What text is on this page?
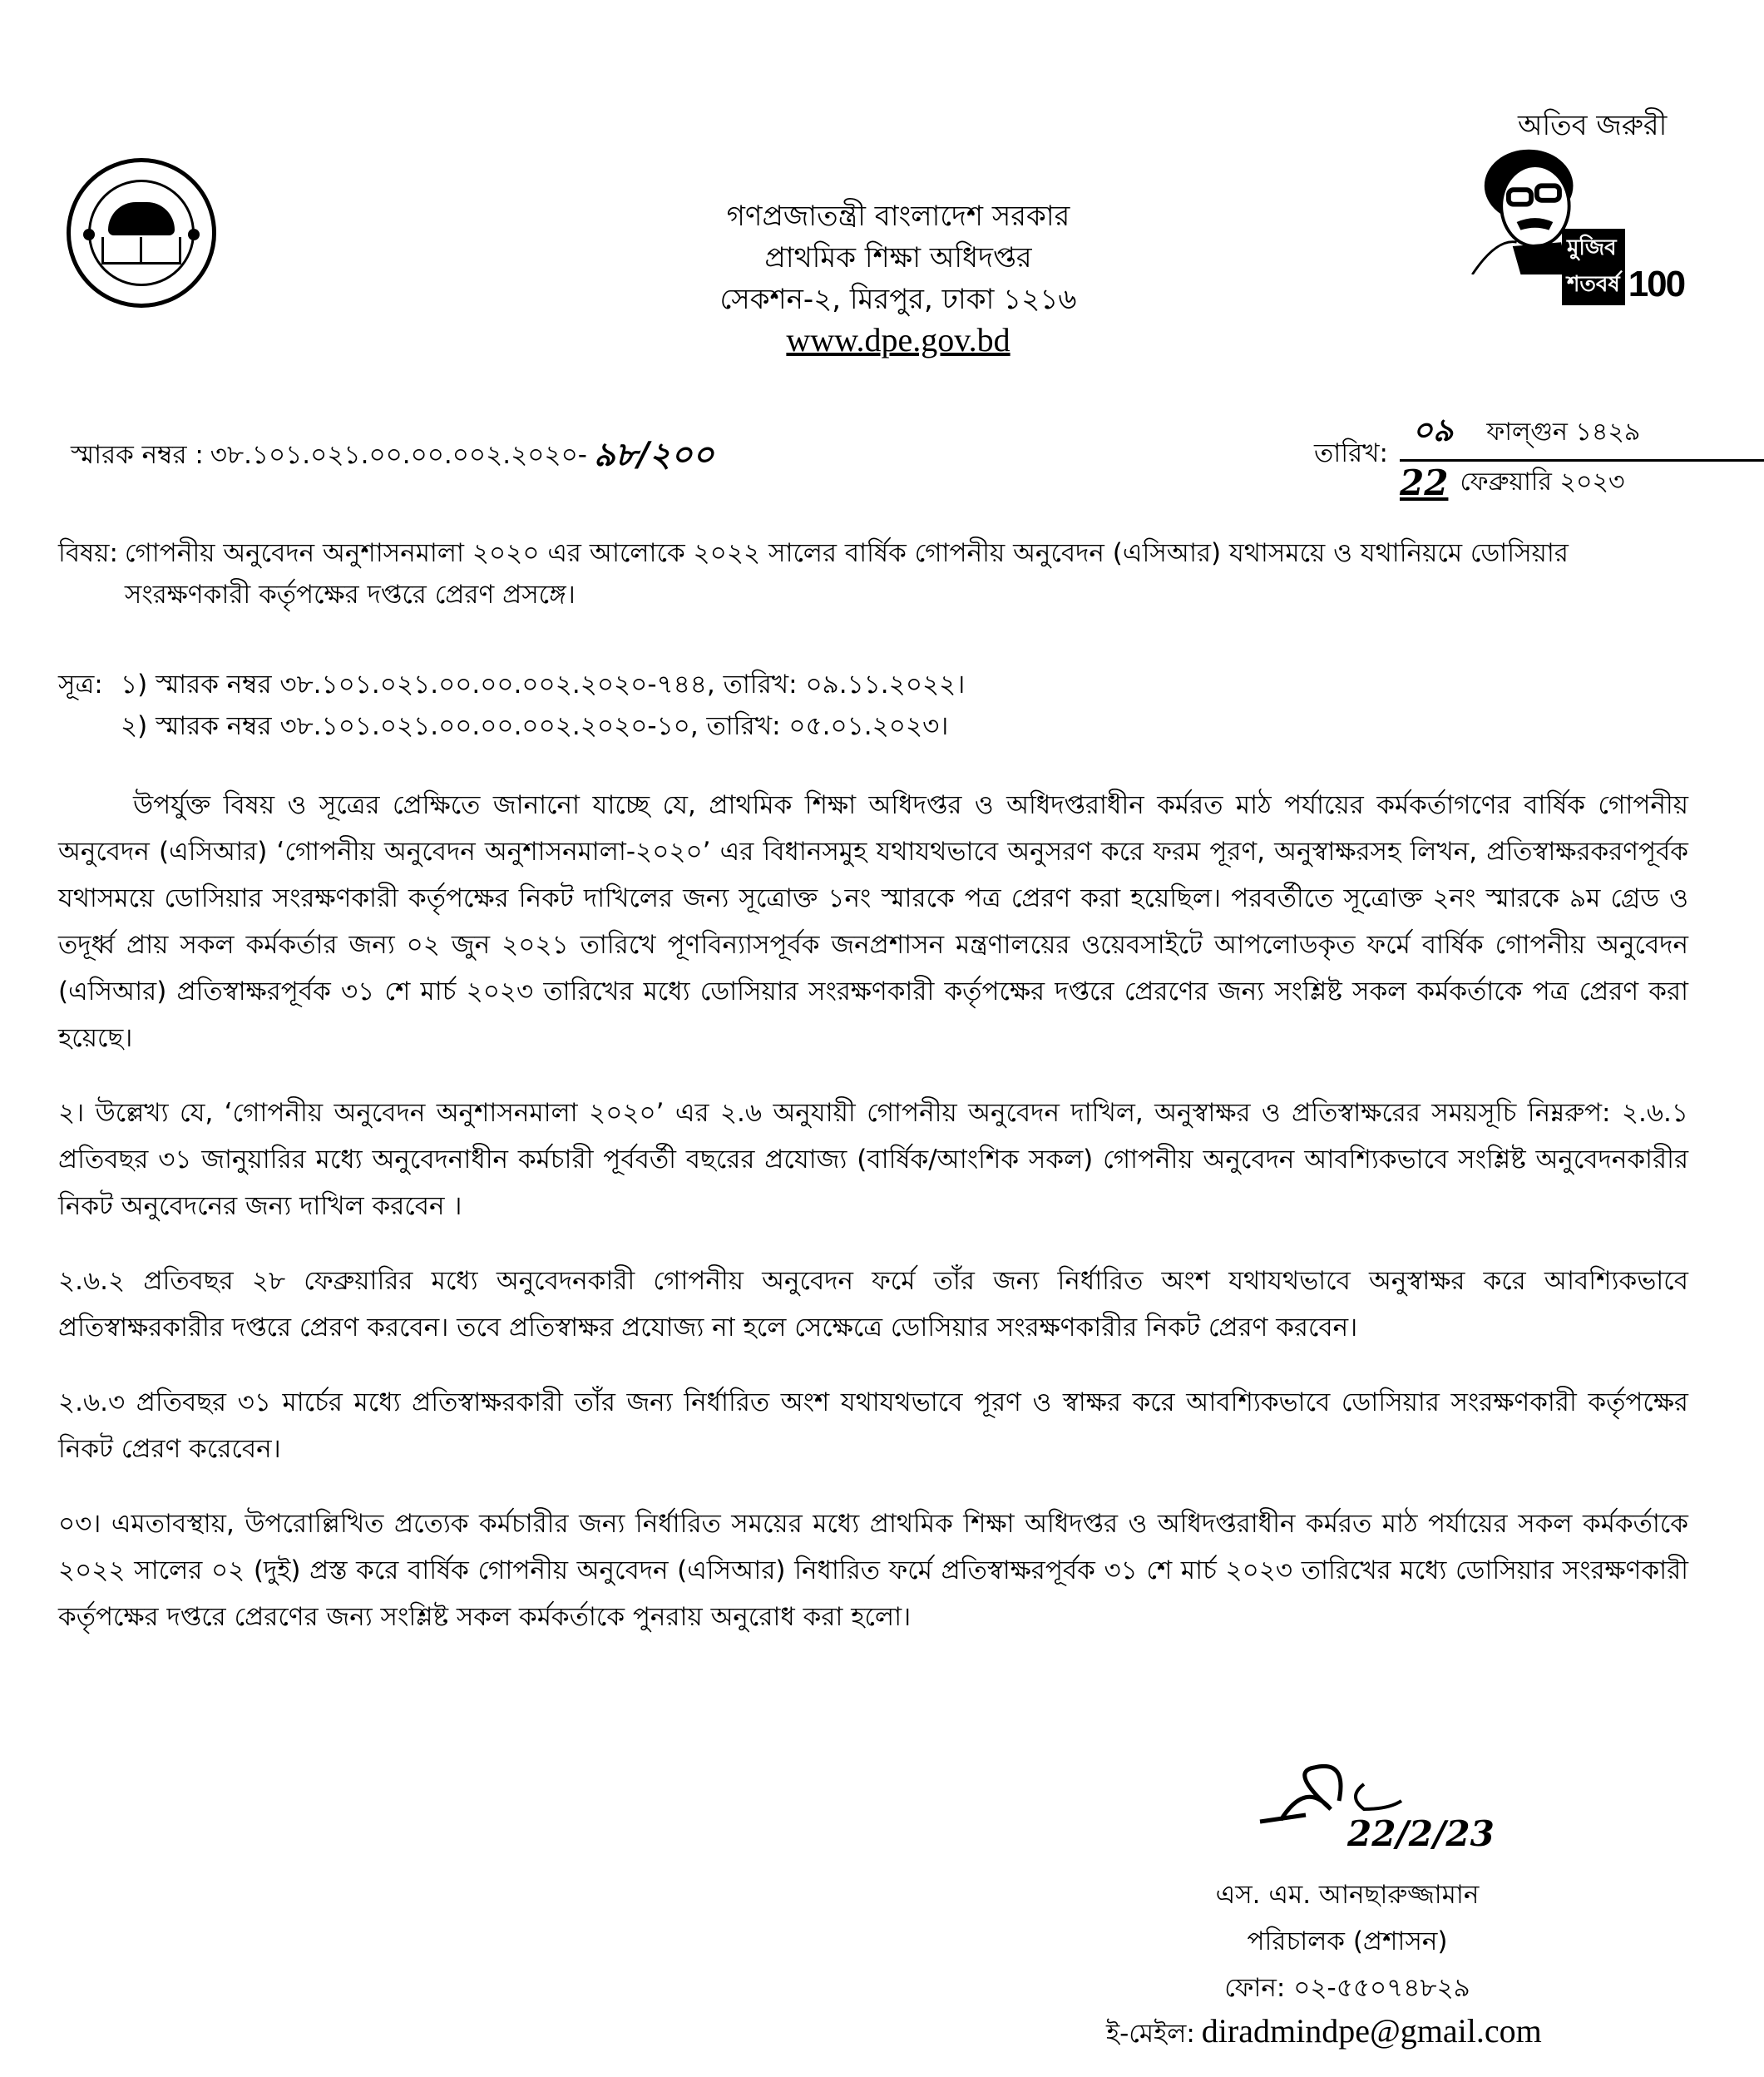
অতিব জরুরী
মুজিব শতবর্ষ 100
গণপ্রজাতন্ত্রী বাংলাদেশ সরকার
প্রাথমিক শিক্ষা অধিদপ্তর
সেকশন-২, মিরপুর, ঢাকা ১২১৬
www.dpe.gov.bd
স্মারক নম্বর : ৩৮.১০১.০২১.০০.০০.০০২.২০২০- ৯৮/২০০	তারিখ:
০৯ ফাল্গুন ১৪২৯
22 ফেব্রুয়ারি ২০২৩
বিষয়: গোপনীয় অনুবেদন অনুশাসনমালা ২০২০ এর আলোকে ২০২২ সালের বার্ষিক গোপনীয় অনুবেদন (এসিআর) যথাসময়ে ও যথানিয়মে ডোসিয়ার সংরক্ষণকারী কর্তৃপক্ষের দপ্তরে প্রেরণ প্রসঙ্গে।
সূত্র: ১) স্মারক নম্বর ৩৮.১০১.০২১.০০.০০.০০২.২০২০-৭৪৪, তারিখ: ০৯.১১.২০২২।
২) স্মারক নম্বর ৩৮.১০১.০২১.০০.০০.০০২.২০২০-১০, তারিখ: ০৫.০১.২০২৩।

উপর্যুক্ত বিষয় ও সূত্রের প্রেক্ষিতে জানানো যাচ্ছে যে, প্রাথমিক শিক্ষা অধিদপ্তর ও অধিদপ্তরাধীন কর্মরত মাঠ পর্যায়ের কর্মকর্তাগণের বার্ষিক গোপনীয় অনুবেদন (এসিআর) ‘গোপনীয় অনুবেদন অনুশাসনমালা-২০২০’ এর বিধানসমুহ যথাযথভাবে অনুসরণ করে ফরম পূরণ, অনুস্বাক্ষরসহ লিখন, প্রতিস্বাক্ষরকরণপূর্বক যথাসময়ে ডোসিয়ার সংরক্ষণকারী কর্তৃপক্ষের নিকট দাখিলের জন্য সূত্রোক্ত ১নং স্মারকে পত্র প্রেরণ করা হয়েছিল। পরবর্তীতে সূত্রোক্ত ২নং স্মারকে ৯ম গ্রেড ও তদূর্ধ্ব প্রায় সকল কর্মকর্তার জন্য ০২ জুন ২০২১ তারিখে পূণবিন্যাসপূর্বক জনপ্রশাসন মন্ত্রণালয়ের ওয়েবসাইটে আপলোডকৃত ফর্মে বার্ষিক গোপনীয় অনুবেদন (এসিআর) প্রতিস্বাক্ষরপূর্বক ৩১ শে মার্চ ২০২৩ তারিখের মধ্যে ডোসিয়ার সংরক্ষণকারী কর্তৃপক্ষের দপ্তরে প্রেরণের জন্য সংশ্লিষ্ট সকল কর্মকর্তাকে পত্র প্রেরণ করা হয়েছে।

২। উল্লেখ্য যে, ‘গোপনীয় অনুবেদন অনুশাসনমালা ২০২০’ এর ২.৬ অনুযায়ী গোপনীয় অনুবেদন দাখিল, অনুস্বাক্ষর ও প্রতিস্বাক্ষরের সময়সূচি নিম্নরুপ: ২.৬.১ প্রতিবছর ৩১ জানুয়ারির মধ্যে অনুবেদনাধীন কর্মচারী পূর্ববর্তী বছরের প্রযোজ্য (বার্ষিক/আংশিক সকল) গোপনীয় অনুবেদন আবশ্যিকভাবে সংশ্লিষ্ট অনুবেদনকারীর নিকট অনুবেদনের জন্য দাখিল করবেন ।

২.৬.২ প্রতিবছর ২৮ ফেব্রুয়ারির মধ্যে অনুবেদনকারী গোপনীয় অনুবেদন ফর্মে তাঁর জন্য নির্ধারিত অংশ যথাযথভাবে অনুস্বাক্ষর করে আবশ্যিকভাবে প্রতিস্বাক্ষরকারীর দপ্তরে প্রেরণ করবেন। তবে প্রতিস্বাক্ষর প্রযোজ্য না হলে সেক্ষেত্রে ডোসিয়ার সংরক্ষণকারীর নিকট প্রেরণ করবেন।

২.৬.৩ প্রতিবছর ৩১ মার্চের মধ্যে প্রতিস্বাক্ষরকারী তাঁর জন্য নির্ধারিত অংশ যথাযথভাবে পূরণ ও স্বাক্ষর করে আবশ্যিকভাবে ডোসিয়ার সংরক্ষণকারী কর্তৃপক্ষের নিকট প্রেরণ করেবেন।

০৩। এমতাবস্থায়, উপরোল্লিখিত প্রত্যেক কর্মচারীর জন্য নির্ধারিত সময়ের মধ্যে প্রাথমিক শিক্ষা অধিদপ্তর ও অধিদপ্তরাধীন কর্মরত মাঠ পর্যায়ের সকল কর্মকর্তাকে ২০২২ সালের ০২ (দুই) প্রস্ত করে বার্ষিক গোপনীয় অনুবেদন (এসিআর) নিধারিত ফর্মে প্রতিস্বাক্ষরপূর্বক ৩১ শে মার্চ ২০২৩ তারিখের মধ্যে ডোসিয়ার সংরক্ষণকারী কর্তৃপক্ষের দপ্তরে প্রেরণের জন্য সংশ্লিষ্ট সকল কর্মকর্তাকে পুনরায় অনুরোধ করা হলো।

22/2/23
এস. এম. আনছারুজ্জামান
পরিচালক (প্রশাসন)
ফোন: ০২-৫৫০৭৪৮২৯
ই-মেইল: diradmindpe@gmail.com
